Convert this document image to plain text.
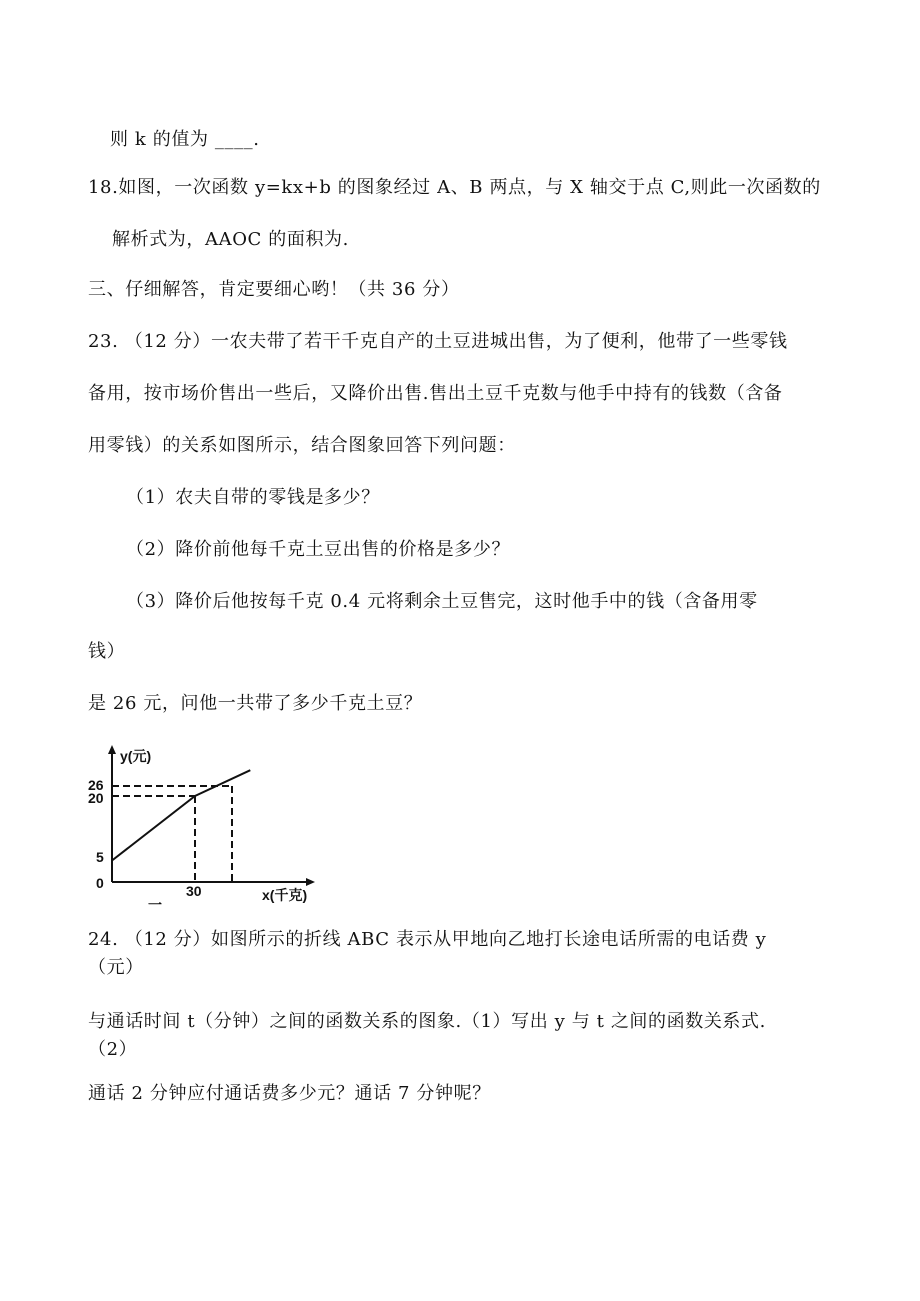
则 k 的值为 ____.
18.如图，一次函数 y=kx+b 的图象经过 A、B 两点，与 X 轴交于点 C,则此一次函数的
解析式为，AAOC 的面积为.
三、仔细解答，肯定要细心哟！（共 36 分）
23. （12 分）一农夫带了若干千克自产的土豆进城出售，为了便利，他带了一些零钱
备用，按市场价售出一些后，又降价出售.售出土豆千克数与他手中持有的钱数（含备
用零钱）的关系如图所示，结合图象回答下列问题：
（1）农夫自带的零钱是多少？
（2）降价前他每千克土豆出售的价格是多少？
（3）降价后他按每千克 0.4 元将剩余土豆售完，这时他手中的钱（含备用零
钱）
是 26 元，问他一共带了多少千克土豆？
y(元)
26
20
5
0	30	x(千克)
一
24. （12 分）如图所示的折线 ABC 表示从甲地向乙地打长途电话所需的电话费 y
（元）
与通话时间 t（分钟）之间的函数关系的图象.（1）写出 y 与 t 之间的函数关系式.
（2）
通话 2 分钟应付通话费多少元？通话 7 分钟呢？
